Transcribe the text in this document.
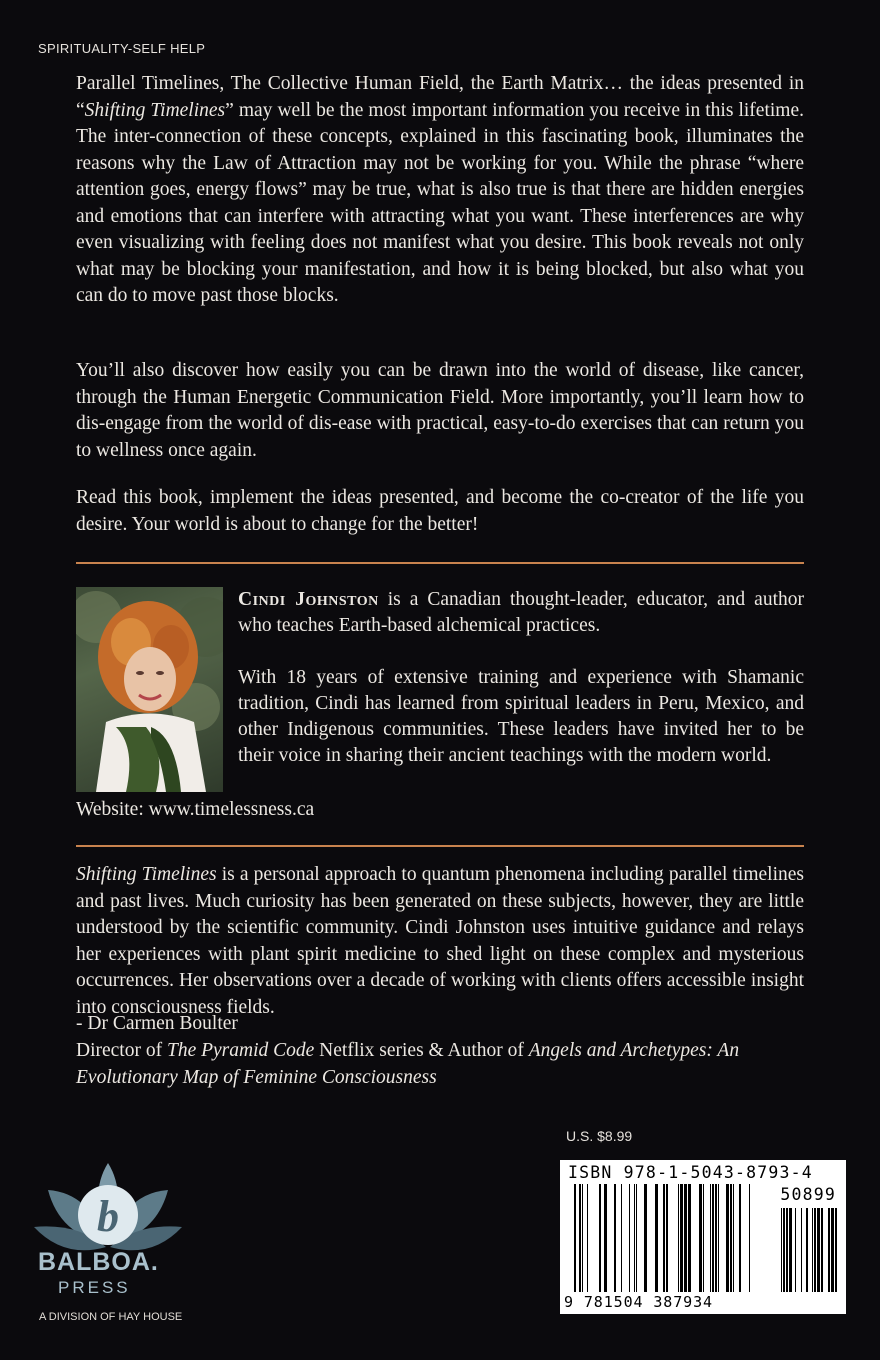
SPIRITUALITY-SELF HELP

Parallel Timelines, The Collective Human Field, the Earth Matrix… the ideas presented in “Shifting Timelines” may well be the most important information you receive in this lifetime. The inter-connection of these concepts, explained in this fascinating book, illuminates the reasons why the Law of Attraction may not be working for you. While the phrase “where attention goes, energy flows” may be true, what is also true is that there are hidden energies and emotions that can interfere with attracting what you want. These interferences are why even visualizing with feeling does not manifest what you desire. This book reveals not only what may be blocking your manifestation, and how it is being blocked, but also what you can do to move past those blocks.

You’ll also discover how easily you can be drawn into the world of disease, like cancer, through the Human Energetic Communication Field. More importantly, you’ll learn how to dis-engage from the world of dis-ease with practical, easy-to-do exercises that can return you to wellness once again.

Read this book, implement the ideas presented, and become the co-creator of the life you desire. Your world is about to change for the better!

Cindi Johnston is a Canadian thought-leader, educator, and author who teaches Earth-based alchemical practices.

With 18 years of extensive training and experience with Shamanic tradition, Cindi has learned from spiritual leaders in Peru, Mexico, and other Indigenous communities. These leaders have invited her to be their voice in sharing their ancient teachings with the modern world.

Website: www.timelessness.ca

Shifting Timelines is a personal approach to quantum phenomena including parallel timelines and past lives. Much curiosity has been generated on these subjects, however, they are little understood by the scientific community. Cindi Johnston uses intuitive guidance and relays her experiences with plant spirit medicine to shed light on these complex and mysterious occurrences. Her observations over a decade of working with clients offers accessible insight into consciousness fields.

- Dr Carmen Boulter
Director of The Pyramid Code Netflix series & Author of Angels and Archetypes: An Evolutionary Map of Feminine Consciousness
U.S. $8.99
ISBN 978-1-5043-8793-4
50899
9 781504 387934
b
BALBOA.
PRESS
A DIVISION OF HAY HOUSE
